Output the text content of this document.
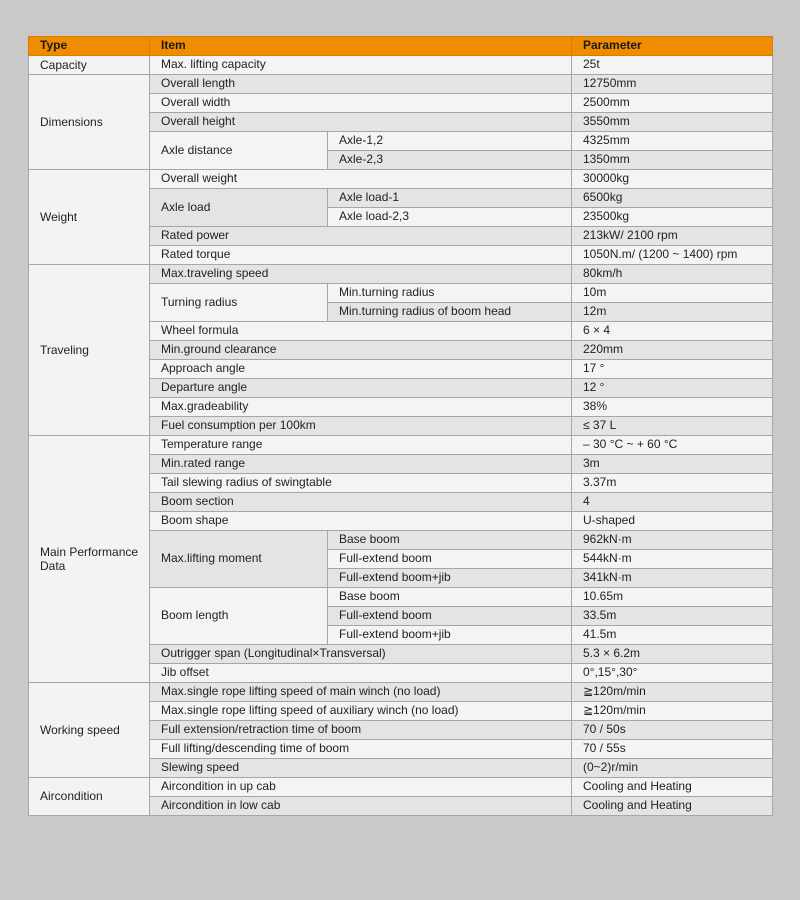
Type	Item		Parameter
Capacity	Max. lifting capacity		25t
Dimensions	Overall length		12750mm
	Overall width		2500mm
	Overall height		3550mm
	Axle distance	Axle-1,2	4325mm
		Axle-2,3	1350mm
Weight	Overall weight		30000kg
	Axle load	Axle load-1	6500kg
		Axle load-2,3	23500kg
	Rated power		213kW/ 2100 rpm
	Rated torque		1050N.m/ (1200 ~ 1400) rpm
Traveling	Max.traveling speed		80km/h
	Turning radius	Min.turning radius	10m
		Min.turning radius of boom head	12m
	Wheel formula		6 × 4
	Min.ground clearance		220mm
	Approach angle		17 °
	Departure angle		12 °
	Max.gradeability		38%
	Fuel consumption per 100km		≤ 37 L
Main Performance Data	Temperature range		– 30 °C ~ + 60 °C
	Min.rated range		3m
	Tail slewing radius of swingtable		3.37m
	Boom section		4
	Boom shape		U-shaped
	Max.lifting moment	Base boom	962kN·m
		Full-extend boom	544kN·m
		Full-extend boom+jib	341kN·m
	Boom length	Base boom	10.65m
		Full-extend boom	33.5m
		Full-extend boom+jib	41.5m
	Outrigger span (Longitudinal×Transversal)		5.3 × 6.2m
	Jib offset		0°,15°,30°
Working speed	Max.single rope lifting speed of main winch (no load)		≧120m/min
	Max.single rope lifting speed of auxiliary winch (no load)		≧120m/min
	Full extension/retraction time of boom		70 / 50s
	Full lifting/descending time of boom		70 / 55s
	Slewing speed		(0~2)r/min
Aircondition	Aircondition in up cab		Cooling and Heating
	Aircondition in low cab		Cooling and Heating
